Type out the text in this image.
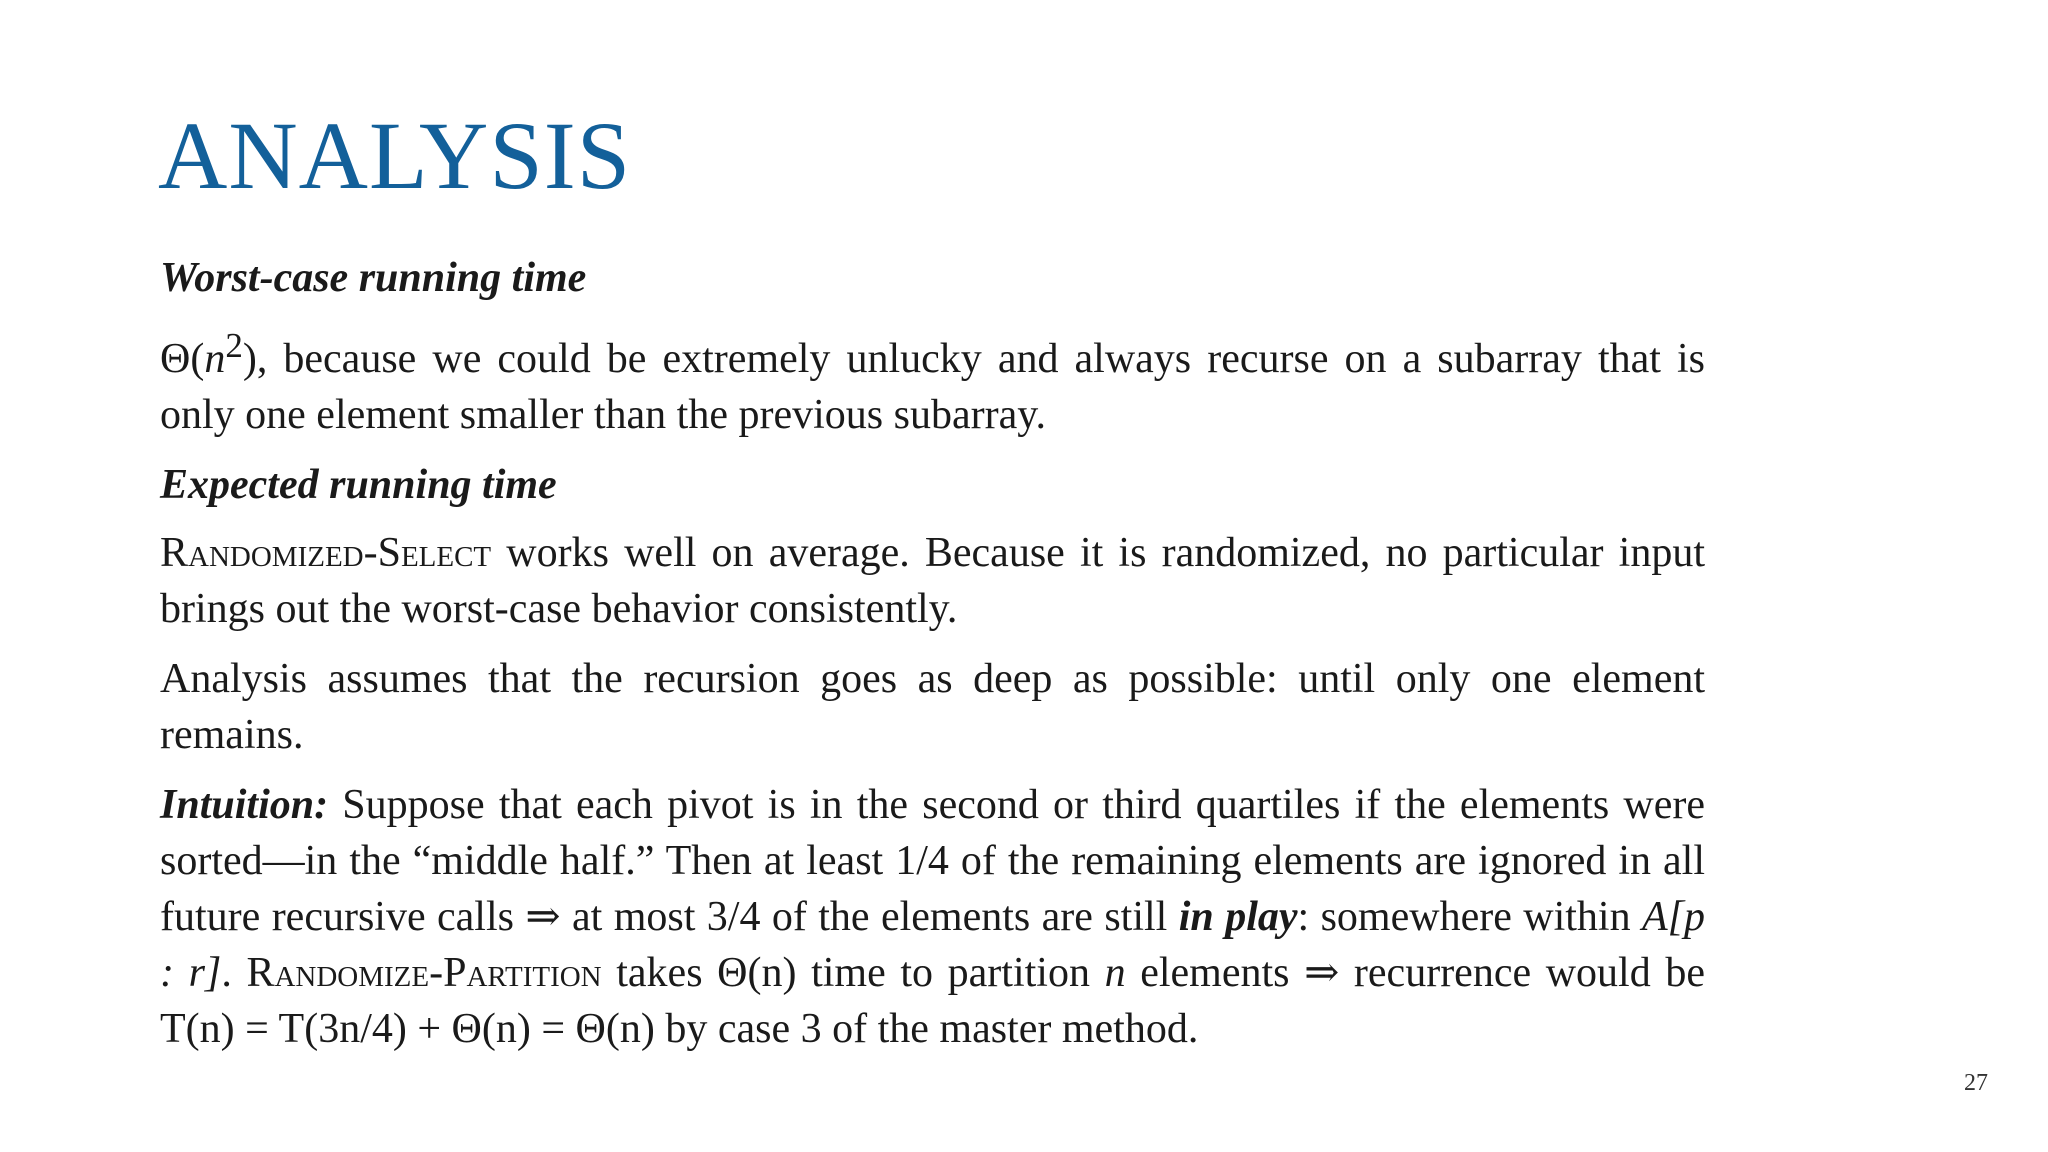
ANALYSIS
Worst-case running time

$\Theta(n^2)$, because we could be extremely unlucky and always recurse on a subarray that is only one element smaller than the previous subarray.

Expected running time

Randomized-Select works well on average. Because it is randomized, no particular input brings out the worst-case behavior consistently.

Analysis assumes that the recursion goes as deep as possible: until only one element remains.

Intuition: Suppose that each pivot is in the second or third quartiles if the elements were sorted—in the “middle half.” Then at least 1/4 of the remaining elements are ignored in all future recursive calls ⇒ at most 3/4 of the elements are still in play: somewhere within A[p : r]. Randomize-Partition takes Θ(n) time to partition n elements ⇒ recurrence would be T(n) = T(3n/4) + Θ(n) = Θ(n) by case 3 of the master method.

27
